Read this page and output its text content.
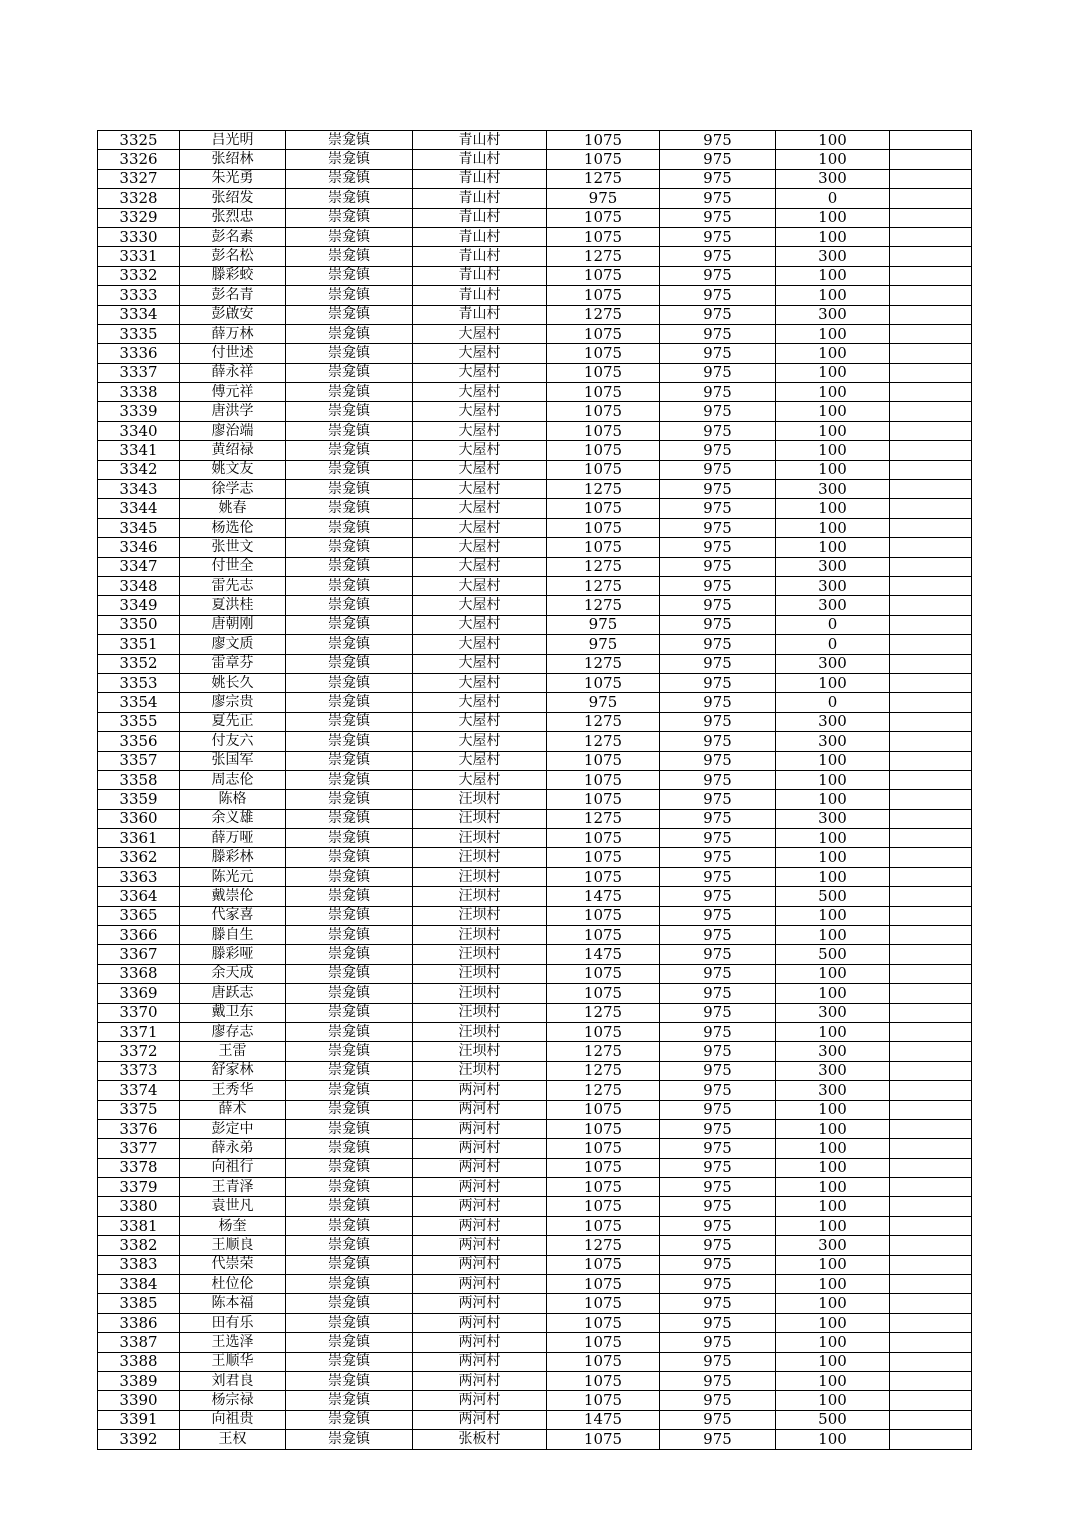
3325	吕光明	崇龛镇	青山村	1075	975	100	
3326	张绍林	崇龛镇	青山村	1075	975	100	
3327	朱光勇	崇龛镇	青山村	1275	975	300	
3328	张绍发	崇龛镇	青山村	975	975	0	
3329	张烈忠	崇龛镇	青山村	1075	975	100	
3330	彭名素	崇龛镇	青山村	1075	975	100	
3331	彭名松	崇龛镇	青山村	1275	975	300	
3332	滕彩蛟	崇龛镇	青山村	1075	975	100	
3333	彭名青	崇龛镇	青山村	1075	975	100	
3334	彭啟安	崇龛镇	青山村	1275	975	300	
3335	薛万林	崇龛镇	大屋村	1075	975	100	
3336	付世述	崇龛镇	大屋村	1075	975	100	
3337	薛永祥	崇龛镇	大屋村	1075	975	100	
3338	傅元祥	崇龛镇	大屋村	1075	975	100	
3339	唐洪学	崇龛镇	大屋村	1075	975	100	
3340	廖治端	崇龛镇	大屋村	1075	975	100	
3341	黄绍禄	崇龛镇	大屋村	1075	975	100	
3342	姚文友	崇龛镇	大屋村	1075	975	100	
3343	徐学志	崇龛镇	大屋村	1275	975	300	
3344	姚春	崇龛镇	大屋村	1075	975	100	
3345	杨选伦	崇龛镇	大屋村	1075	975	100	
3346	张世文	崇龛镇	大屋村	1075	975	100	
3347	付世全	崇龛镇	大屋村	1275	975	300	
3348	雷先志	崇龛镇	大屋村	1275	975	300	
3349	夏洪桂	崇龛镇	大屋村	1275	975	300	
3350	唐朝刚	崇龛镇	大屋村	975	975	0	
3351	廖文质	崇龛镇	大屋村	975	975	0	
3352	雷章芬	崇龛镇	大屋村	1275	975	300	
3353	姚长久	崇龛镇	大屋村	1075	975	100	
3354	廖宗贵	崇龛镇	大屋村	975	975	0	
3355	夏先正	崇龛镇	大屋村	1275	975	300	
3356	付友六	崇龛镇	大屋村	1275	975	300	
3357	张国军	崇龛镇	大屋村	1075	975	100	
3358	周志伦	崇龛镇	大屋村	1075	975	100	
3359	陈格	崇龛镇	汪坝村	1075	975	100	
3360	余义雄	崇龛镇	汪坝村	1275	975	300	
3361	薛万哑	崇龛镇	汪坝村	1075	975	100	
3362	滕彩林	崇龛镇	汪坝村	1075	975	100	
3363	陈光元	崇龛镇	汪坝村	1075	975	100	
3364	戴崇伦	崇龛镇	汪坝村	1475	975	500	
3365	代家喜	崇龛镇	汪坝村	1075	975	100	
3366	滕自生	崇龛镇	汪坝村	1075	975	100	
3367	滕彩哑	崇龛镇	汪坝村	1475	975	500	
3368	余天成	崇龛镇	汪坝村	1075	975	100	
3369	唐跃志	崇龛镇	汪坝村	1075	975	100	
3370	戴卫东	崇龛镇	汪坝村	1275	975	300	
3371	廖存志	崇龛镇	汪坝村	1075	975	100	
3372	王雷	崇龛镇	汪坝村	1275	975	300	
3373	舒家林	崇龛镇	汪坝村	1275	975	300	
3374	王秀华	崇龛镇	两河村	1275	975	300	
3375	薛术	崇龛镇	两河村	1075	975	100	
3376	彭定中	崇龛镇	两河村	1075	975	100	
3377	薛永弟	崇龛镇	两河村	1075	975	100	
3378	向祖行	崇龛镇	两河村	1075	975	100	
3379	王青泽	崇龛镇	两河村	1075	975	100	
3380	袁世凡	崇龛镇	两河村	1075	975	100	
3381	杨奎	崇龛镇	两河村	1075	975	100	
3382	王顺良	崇龛镇	两河村	1275	975	300	
3383	代崇荣	崇龛镇	两河村	1075	975	100	
3384	杜位伦	崇龛镇	两河村	1075	975	100	
3385	陈本福	崇龛镇	两河村	1075	975	100	
3386	田有乐	崇龛镇	两河村	1075	975	100	
3387	王选泽	崇龛镇	两河村	1075	975	100	
3388	王顺华	崇龛镇	两河村	1075	975	100	
3389	刘君良	崇龛镇	两河村	1075	975	100	
3390	杨宗禄	崇龛镇	两河村	1075	975	100	
3391	向祖贵	崇龛镇	两河村	1475	975	500	
3392	王权	崇龛镇	张板村	1075	975	100	
